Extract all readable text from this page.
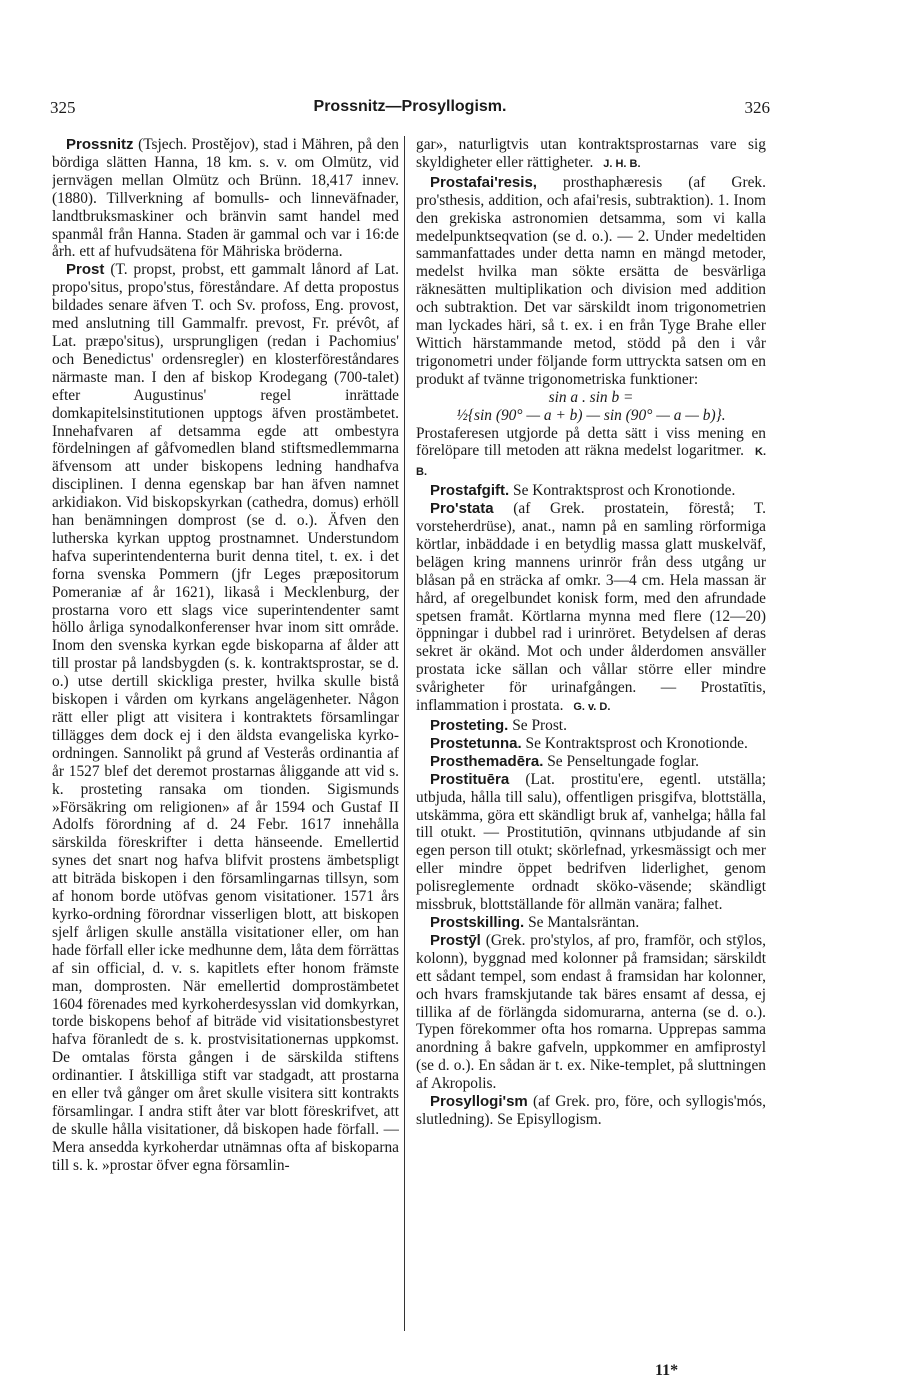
325	Prossnitz—Prosyllogism.	326

Prossnitz (Tsjech. Prostějov), stad i Mähren, på den bördiga slätten Hanna, 18 km. s. v. om Olmütz, vid jernvägen mellan Olmütz och Brünn. 18,417 innev. (1880). Tillverkning af bomulls- och linneväfnader, landtbruksmaskiner och bränvin samt handel med spanmål från Hanna. Staden är gammal och var i 16:de årh. ett af hufvudsätena för Mähriska bröderna.

Prost (T. propst, probst, ett gammalt lånord af Lat. propo'situs, propo'stus, föreståndare. Af detta propostus bildades senare äfven T. och Sv. profoss, Eng. provost, med anslutning till Gammalfr. prevost, Fr. prévôt, af Lat. præpo'situs), ursprungligen (redan i Pachomius' och Benedictus' ordensregler) en klosterföreståndares närmaste man. I den af biskop Krodegang (700-talet) efter Augustinus' regel inrättade domkapitelsinstitutionen upptogs äfven prostämbetet. Innehafvaren af detsamma egde att ombestyra fördelningen af gåfvomedlen bland stiftsmedlemmarna äfvensom att under biskopens ledning handhafva disciplinen. I denna egenskap bar han äfven namnet arkidiakon. Vid biskopskyrkan (cathedra, domus) erhöll han benämningen domprost (se d. o.). Äfven den lutherska kyrkan upptog prostnamnet. Understundom hafva superintendenterna burit denna titel, t. ex. i det forna svenska Pommern (jfr Leges præpositorum Pomeraniæ af år 1621), likaså i Mecklenburg, der prostarna voro ett slags vice superintendenter samt höllo årliga synodalkonferenser hvar inom sitt område. Inom den svenska kyrkan egde biskoparna af ålder att till prostar på landsbygden (s. k. kontraktsprostar, se d. o.) utse dertill skickliga prester, hvilka skulle bistå biskopen i vården om kyrkans angelägenheter. Någon rätt eller pligt att visitera i kontraktets församlingar tillägges dem dock ej i den äldsta evangeliska kyrko-ordningen. Sannolikt på grund af Vesterås ordinantia af år 1527 blef det deremot prostarnas åliggande att vid s. k. prosteting ransaka om tionden. Sigismunds »Försäkring om religionen» af år 1594 och Gustaf II Adolfs förordning af d. 24 Febr. 1617 innehålla särskilda föreskrifter i detta hänseende. Emellertid synes det snart nog hafva blifvit prostens ämbetspligt att biträda biskopen i den församlingarnas tillsyn, som af honom borde utöfvas genom visitationer. 1571 års kyrko-ordning förordnar visserligen blott, att biskopen sjelf årligen skulle anställa visitationer eller, om han hade förfall eller icke medhunne dem, låta dem förrättas af sin official, d. v. s. kapitlets efter honom främste man, domprosten. När emellertid domprostämbetet 1604 förenades med kyrkoherdesysslan vid domkyrkan, torde biskopens behof af biträde vid visitationsbestyret hafva föranledt de s. k. prostvisitationernas uppkomst. De omtalas första gången i de särskilda stiftens ordinantier. I åtskilliga stift var stadgadt, att prostarna en eller två gånger om året skulle visitera sitt kontrakts församlingar. I andra stift åter var blott föreskrifvet, att de skulle hålla visitationer, då biskopen hade förfall. — Mera ansedda kyrkoherdar utnämnas ofta af biskoparna till s. k. »prostar öfver egna församlin-

gar», naturligtvis utan kontraktsprostarnas vare sig skyldigheter eller rättigheter. J. H. B.

Prostafai'resis, prosthaphæresis (af Grek. pro'sthesis, addition, och afai'resis, subtraktion). 1. Inom den grekiska astronomien detsamma, som vi kalla medelpunktseqvation (se d. o.). — 2. Under medeltiden sammanfattades under detta namn en mängd metoder, medelst hvilka man sökte ersätta de besvärliga räknesätten multiplikation och division med addition och subtraktion. Det var särskildt inom trigonometrien man lyckades häri, så t. ex. i en från Tyge Brahe eller Wittich härstammande metod, stödd på den i vår trigonometri under följande form uttryckta satsen om en produkt af tvänne trigonometriska funktioner:

sin a . sin b =

½{sin (90° — a + b) — sin (90° — a — b)}.

Prostaferesen utgjorde på detta sätt i viss mening en förelöpare till metoden att räkna medelst logaritmer. K. B.

Prostafgift. Se Kontraktsprost och Kronotionde.

Pro'stata (af Grek. prostatein, förestå; T. vorsteherdrüse), anat., namn på en samling rörformiga körtlar, inbäddade i en betydlig massa glatt muskelväf, belägen kring mannens urinrör från dess utgång ur blåsan på en sträcka af omkr. 3—4 cm. Hela massan är hård, af oregelbundet konisk form, med den afrundade spetsen framåt. Körtlarna mynna med flere (12—20) öppningar i dubbel rad i urinröret. Betydelsen af deras sekret är okänd. Mot och under ålderdomen ansväller prostata icke sällan och vållar större eller mindre svårigheter för urinafgången. — Prostatītis, inflammation i prostata. G. v. D.

Prosteting. Se Prost.

Prostetunna. Se Kontraktsprost och Kronotionde.

Prosthemadēra. Se Penseltungade foglar.

Prostituēra (Lat. prostitu'ere, egentl. utställa; utbjuda, hålla till salu), offentligen prisgifva, blottställa, utskämma, göra ett skändligt bruk af, vanhelga; hålla fal till otukt. — Prostitutiōn, qvinnans utbjudande af sin egen person till otukt; skörlefnad, yrkesmässigt och mer eller mindre öppet bedrifven liderlighet, genom polisreglemente ordnadt sköko-väsende; skändligt missbruk, blottställande för allmän vanära; falhet.

Prostskilling. Se Mantalsräntan.

Prostȳl (Grek. pro'stylos, af pro, framför, och stȳlos, kolonn), byggnad med kolonner på framsidan; särskildt ett sådant tempel, som endast å framsidan har kolonner, och hvars framskjutande tak bäres ensamt af dessa, ej tillika af de förlängda sidomurarna, anterna (se d. o.). Typen förekommer ofta hos romarna. Upprepas samma anordning å bakre gafveln, uppkommer en amfiprostyl (se d. o.). En sådan är t. ex. Nike-templet, på sluttningen af Akropolis.

Prosyllogi'sm (af Grek. pro, före, och syllogis'mós, slutledning). Se Episyllogism.

11*
